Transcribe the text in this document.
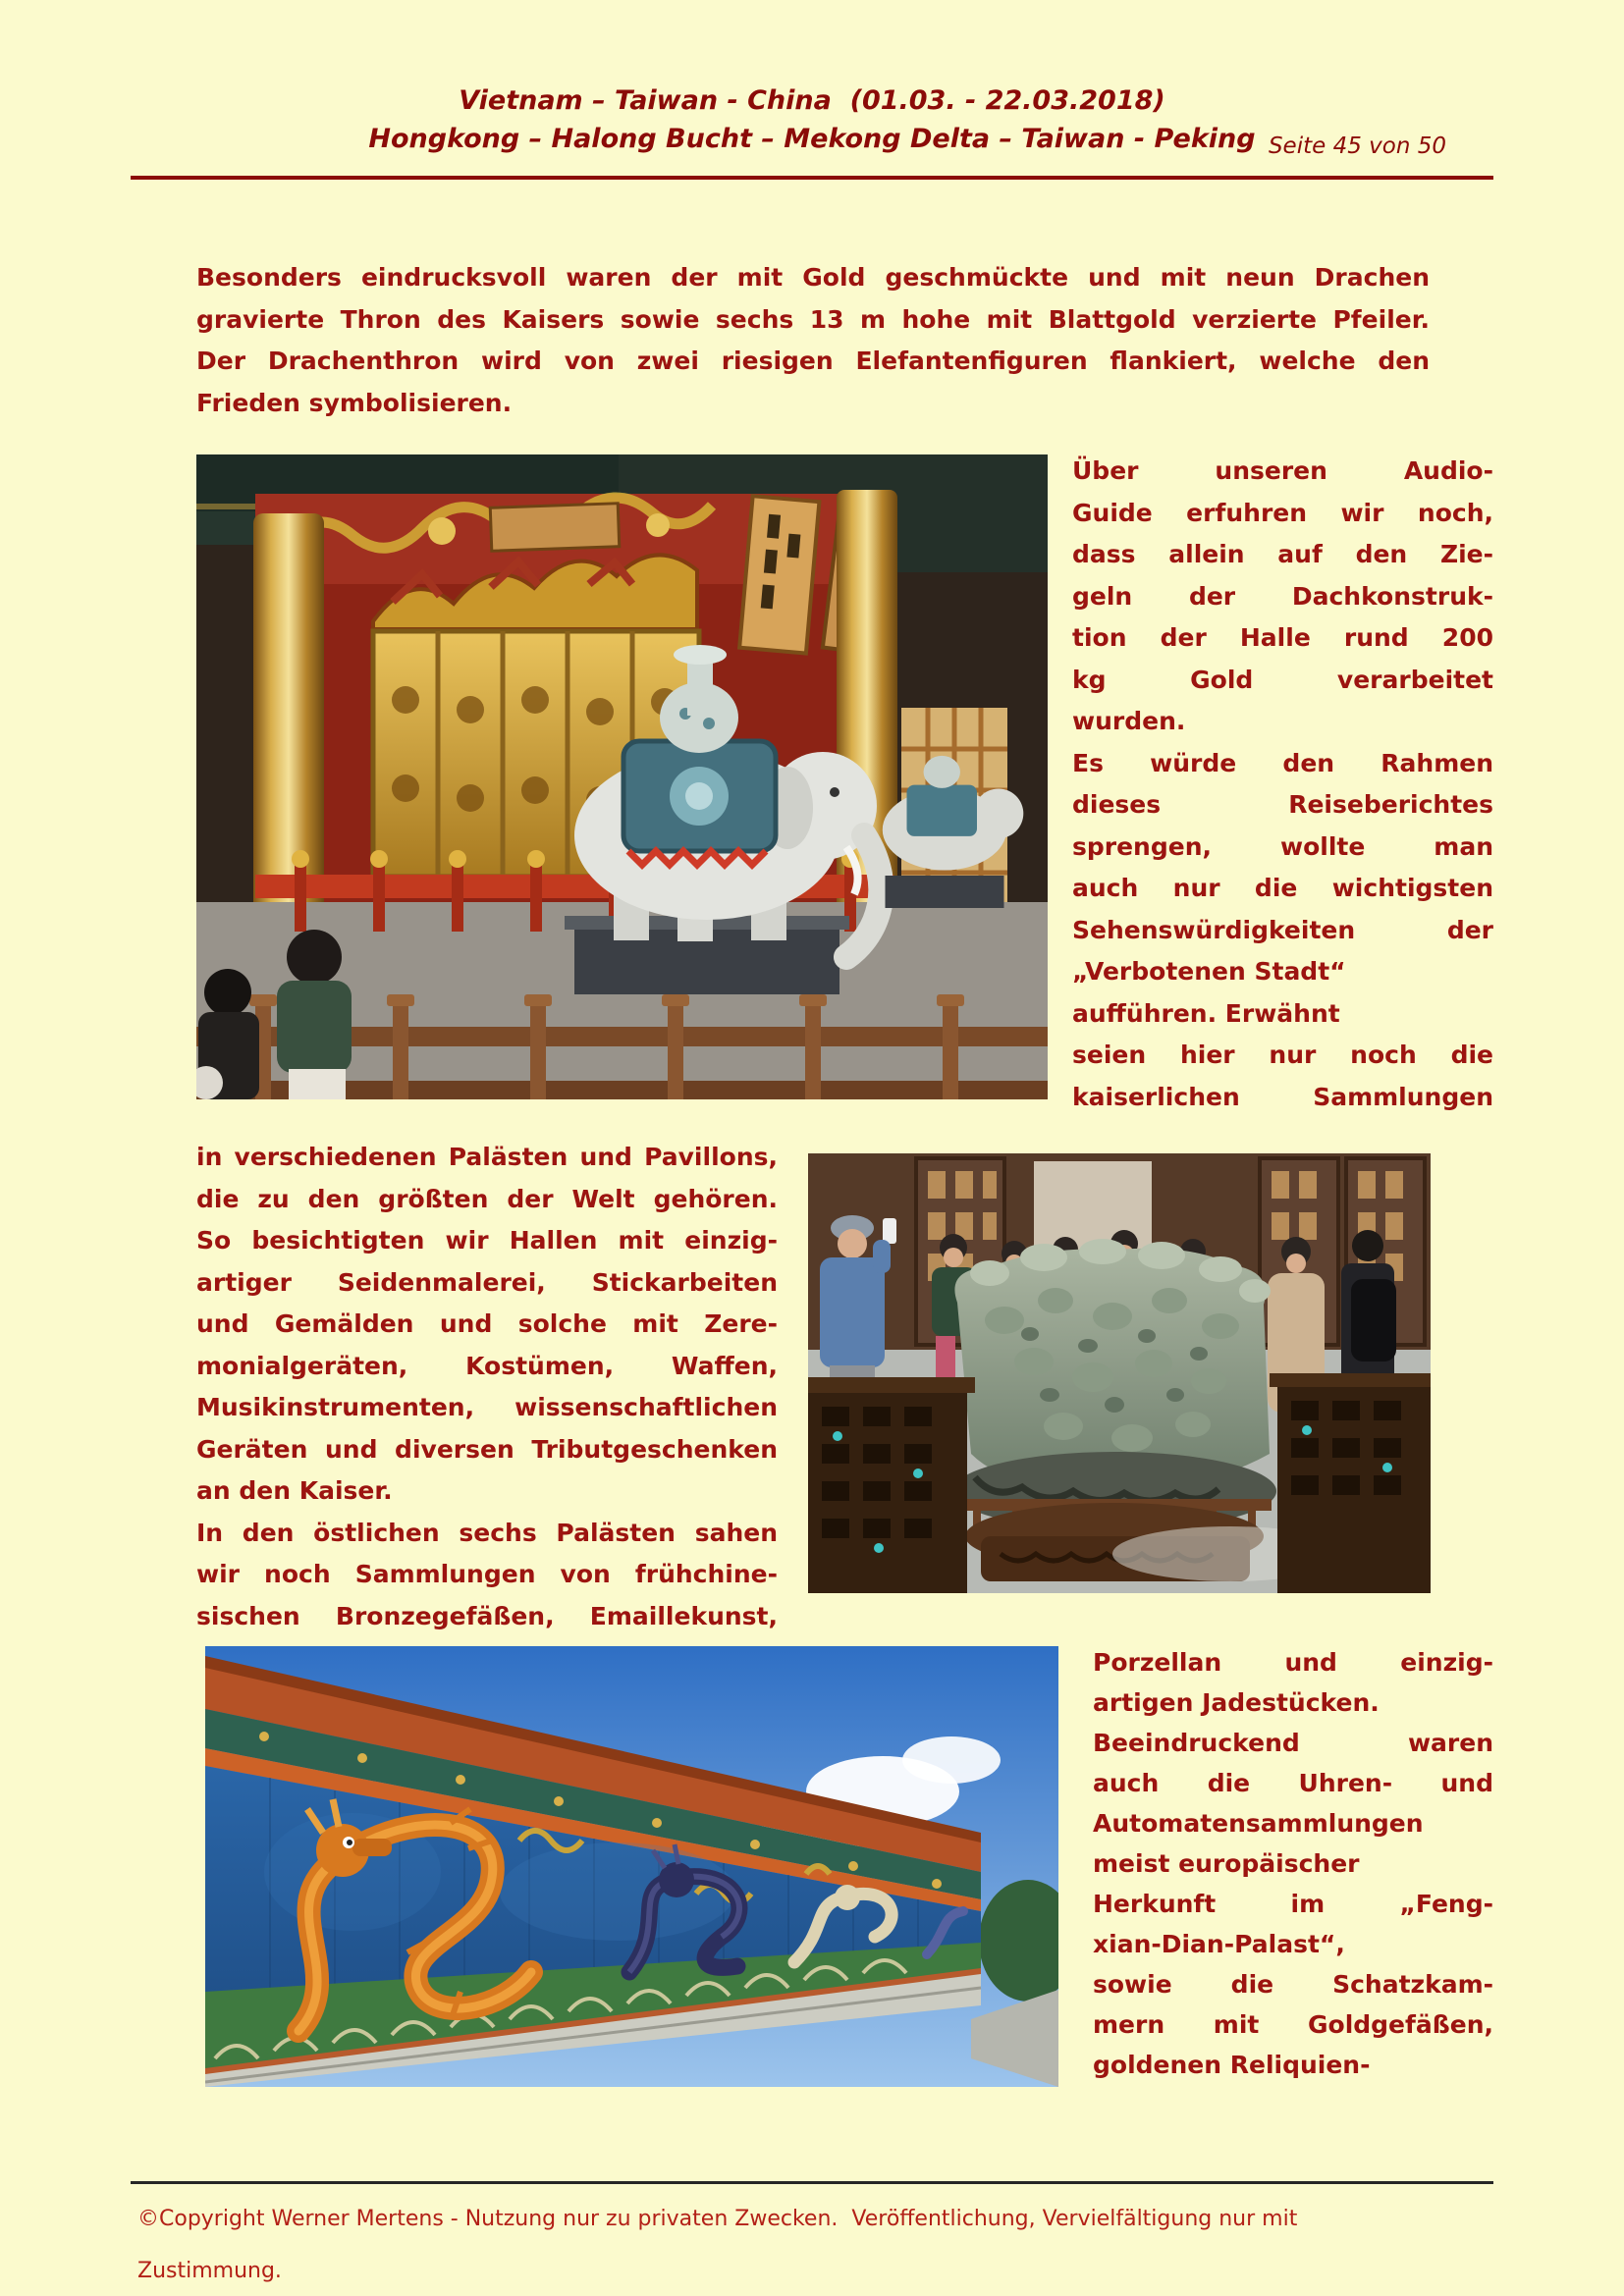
Vietnam – Taiwan - China  (01.03. - 22.03.2018)
Hongkong – Halong Bucht – Mekong Delta – Taiwan - Peking Seite 45 von 50
Besonders eindrucksvoll waren der mit Gold geschmückte und mit neun Drachen
gravierte Thron des Kaisers sowie sechs 13 m hohe mit Blattgold verzierte Pfeiler.
Der Drachenthron wird von zwei riesigen Elefantenfiguren flankiert, welche den
Frieden symbolisieren.
Über unseren Audio-
Guide erfuhren wir noch,
dass allein auf den Zie-
geln der Dachkonstruk-
tion der Halle rund 200
kg Gold verarbeitet
wurden.
Es würde den Rahmen
dieses Reiseberichtes
sprengen, wollte man
auch nur die wichtigsten
Sehenswürdigkeiten der
„Verbotenen Stadt“
aufführen. Erwähnt
seien hier nur noch die
kaiserlichen Sammlungen
in verschiedenen Palästen und Pavillons,
die zu den größten der Welt gehören.
So besichtigten wir Hallen mit einzig-
artiger Seidenmalerei, Stickarbeiten
und Gemälden und solche mit Zere-
monialgeräten, Kostümen, Waffen,
Musikinstrumenten, wissenschaftlichen
Geräten und diversen Tributgeschenken
an den Kaiser.
In den östlichen sechs Palästen sahen
wir noch Sammlungen von frühchine-
sischen Bronzegefäßen, Emaillekunst,
Porzellan und einzig-
artigen Jadestücken.
Beeindruckend waren
auch die Uhren- und
Automatensammlungen
meist europäischer
Herkunft im „Feng-
xian-Dian-Palast“,
sowie die Schatzkam-
mern mit Goldgefäßen,
goldenen Reliquien-
©Copyright Werner Mertens - Nutzung nur zu privaten Zwecken.  Veröffentlichung, Vervielfältigung nur mit
Zustimmung.
